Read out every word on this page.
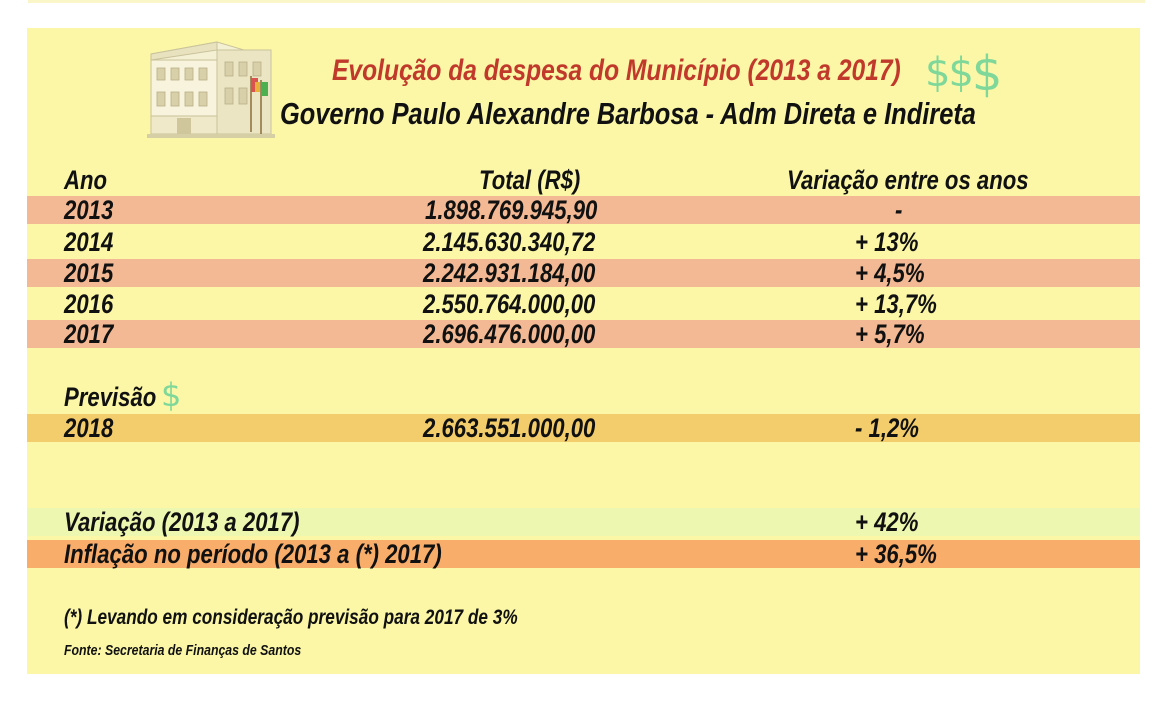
Evolução da despesa do Município (2013 a 2017) $$$
Governo Paulo Alexandre Barbosa - Adm Direta e Indireta
Ano	Total (R$)	Variação entre os anos
2013	1.898.769.945,90	-
2014	2.145.630.340,72	+ 13%
2015	2.242.931.184,00	+ 4,5%
2016	2.550.764.000,00	+ 13,7%
2017	2.696.476.000,00	+ 5,7%
Previsão $
2018	2.663.551.000,00	- 1,2%
Variação (2013 a 2017)	+ 42%
Inflação no período (2013 a (*) 2017)	+ 36,5%
(*) Levando em consideração previsão para 2017 de 3%
Fonte: Secretaria de Finanças de Santos
